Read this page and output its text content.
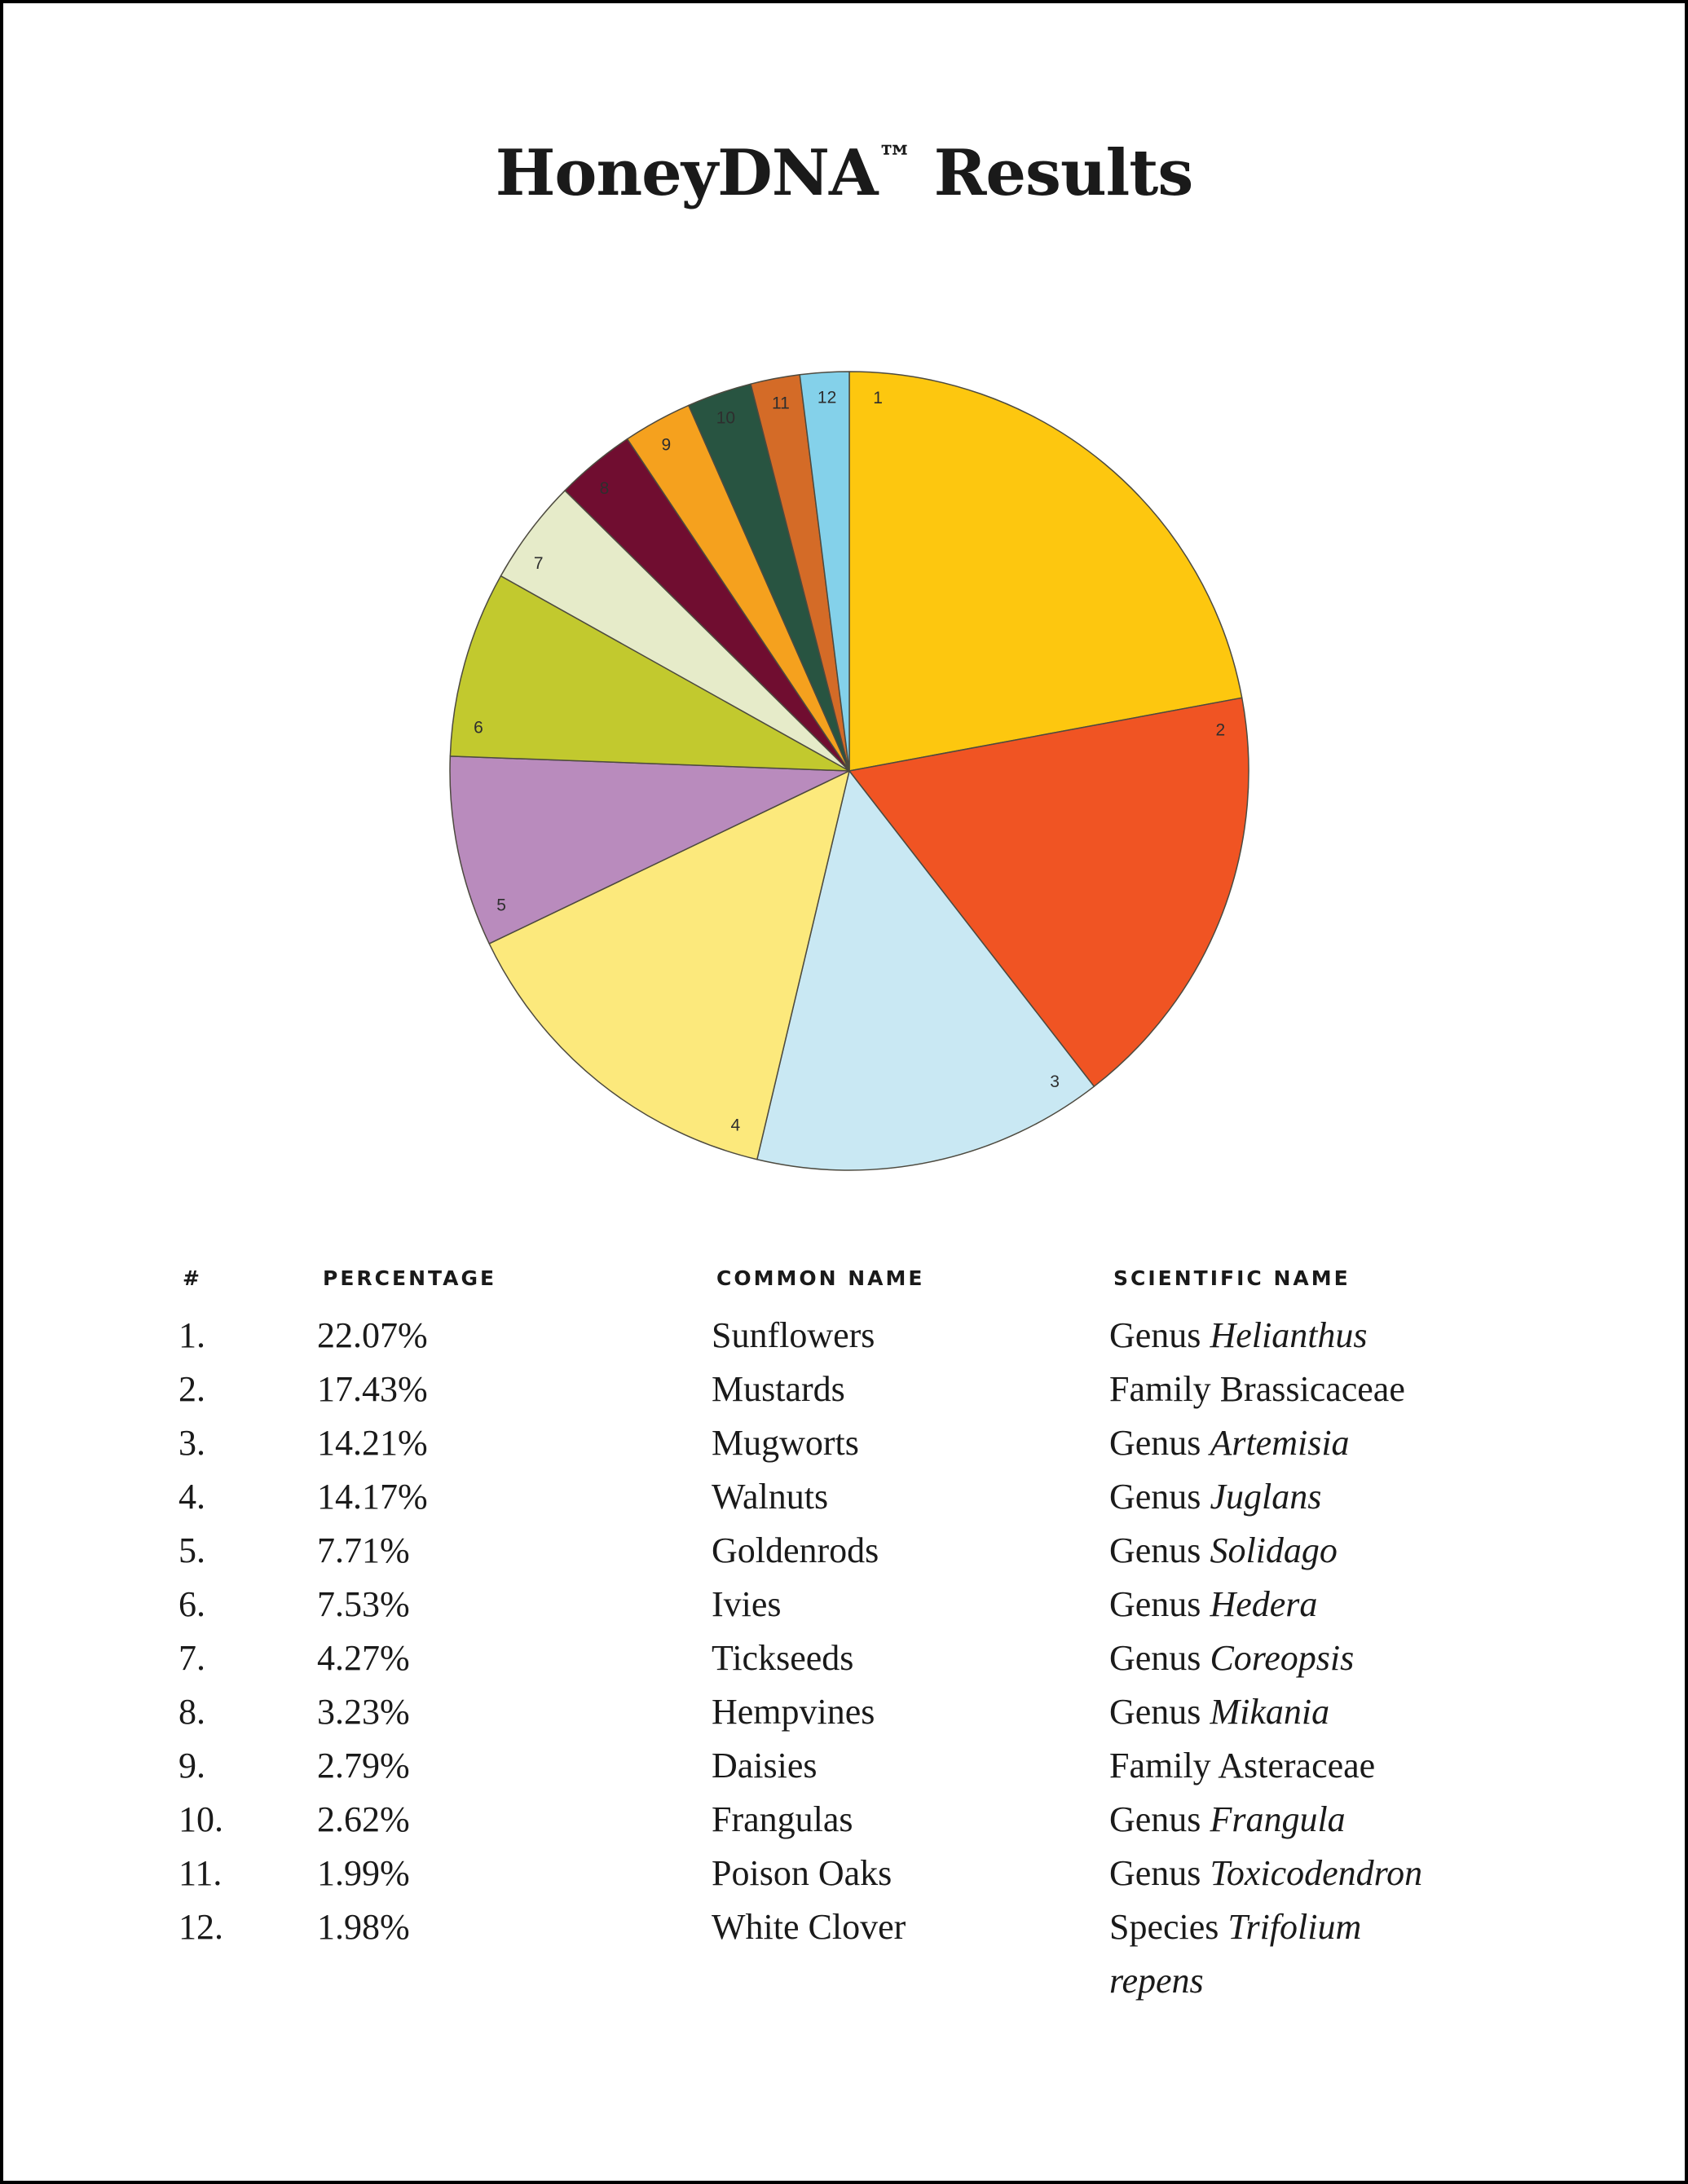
HoneyDNA™ Results
1
2
3
4
5
6
7
8
9
10
11 12
#	PERCENTAGE	COMMON NAME	SCIENTIFIC NAME
1.	22.07%	Sunflowers	Genus Helianthus
2.	17.43%	Mustards	Family Brassicaceae
3.	14.21%	Mugworts	Genus Artemisia
4.	14.17%	Walnuts	Genus Juglans
5.	7.71%	Goldenrods	Genus Solidago
6.	7.53%	Ivies	Genus Hedera
7.	4.27%	Tickseeds	Genus Coreopsis
8.	3.23%	Hempvines	Genus Mikania
9.	2.79%	Daisies	Family Asteraceae
10.	2.62%	Frangulas	Genus Frangula
11.	1.99%	Poison Oaks	Genus Toxicodendron
12.	1.98%	White Clover	Species Trifolium repens
